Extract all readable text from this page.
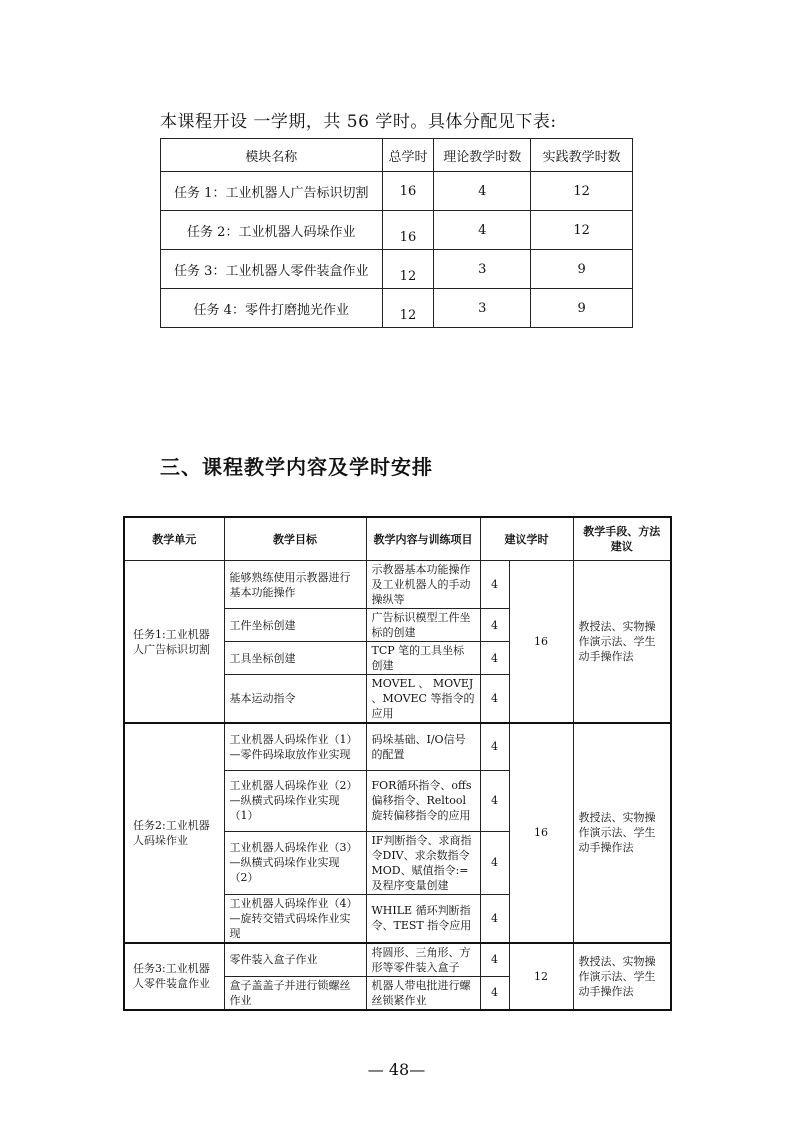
本课程开设 一学期，共 56 学时。具体分配见下表:
模块名称	总学时	理论教学时数	实践教学时数
任务 1：工业机器人广告标识切割	16	4	12
任务 2：工业机器人码垛作业	16	4	12
任务 3：工业机器人零件装盒作业	12	3	9
任务 4：零件打磨抛光作业	12	3	9
三、课程教学内容及学时安排
教学单元	教学目标	教学内容与训练项目	建议学时		教学手段、方法建议
任务1:工业机器人广告标识切割	能够熟练使用示教器进行基本功能操作	示教器基本功能操作及工业机器人的手动操纵等	4	16	教授法、实物操作演示法、学生动手操作法
	工件坐标创建	广告标识模型工件坐标的创建	4		
	工具坐标创建	TCP 笔的工具坐标创建	4		
	基本运动指令	MOVEL 、 MOVEJ 、MOVEC 等指令的应用	4		
任务2:工业机器人码垛作业	工业机器人码垛作业（1）—零件码垛取放作业实现	码垛基础、I/O信号的配置	4	16	教授法、实物操作演示法、学生动手操作法
	工业机器人码垛作业（2）—纵横式码垛作业实现（1）	FOR循环指令、offs偏移指令、Reltool旋转偏移指令的应用	4		
	工业机器人码垛作业（3）—纵横式码垛作业实现（2）	IF判断指令、求商指令DIV、求余数指令MOD、赋值指令:=及程序变量创建	4		
	工业机器人码垛作业（4）—旋转交错式码垛作业实现	WHILE 循环判断指令、TEST 指令应用	4		
任务3:工业机器人零件装盒作业	零件装入盒子作业	将圆形、三角形、方形等零件装入盒子	4	12	教授法、实物操作演示法、学生动手操作法
	盒子盖盖子并进行锁螺丝作业	机器人带电批进行螺丝锁紧作业	4		
— 48—
